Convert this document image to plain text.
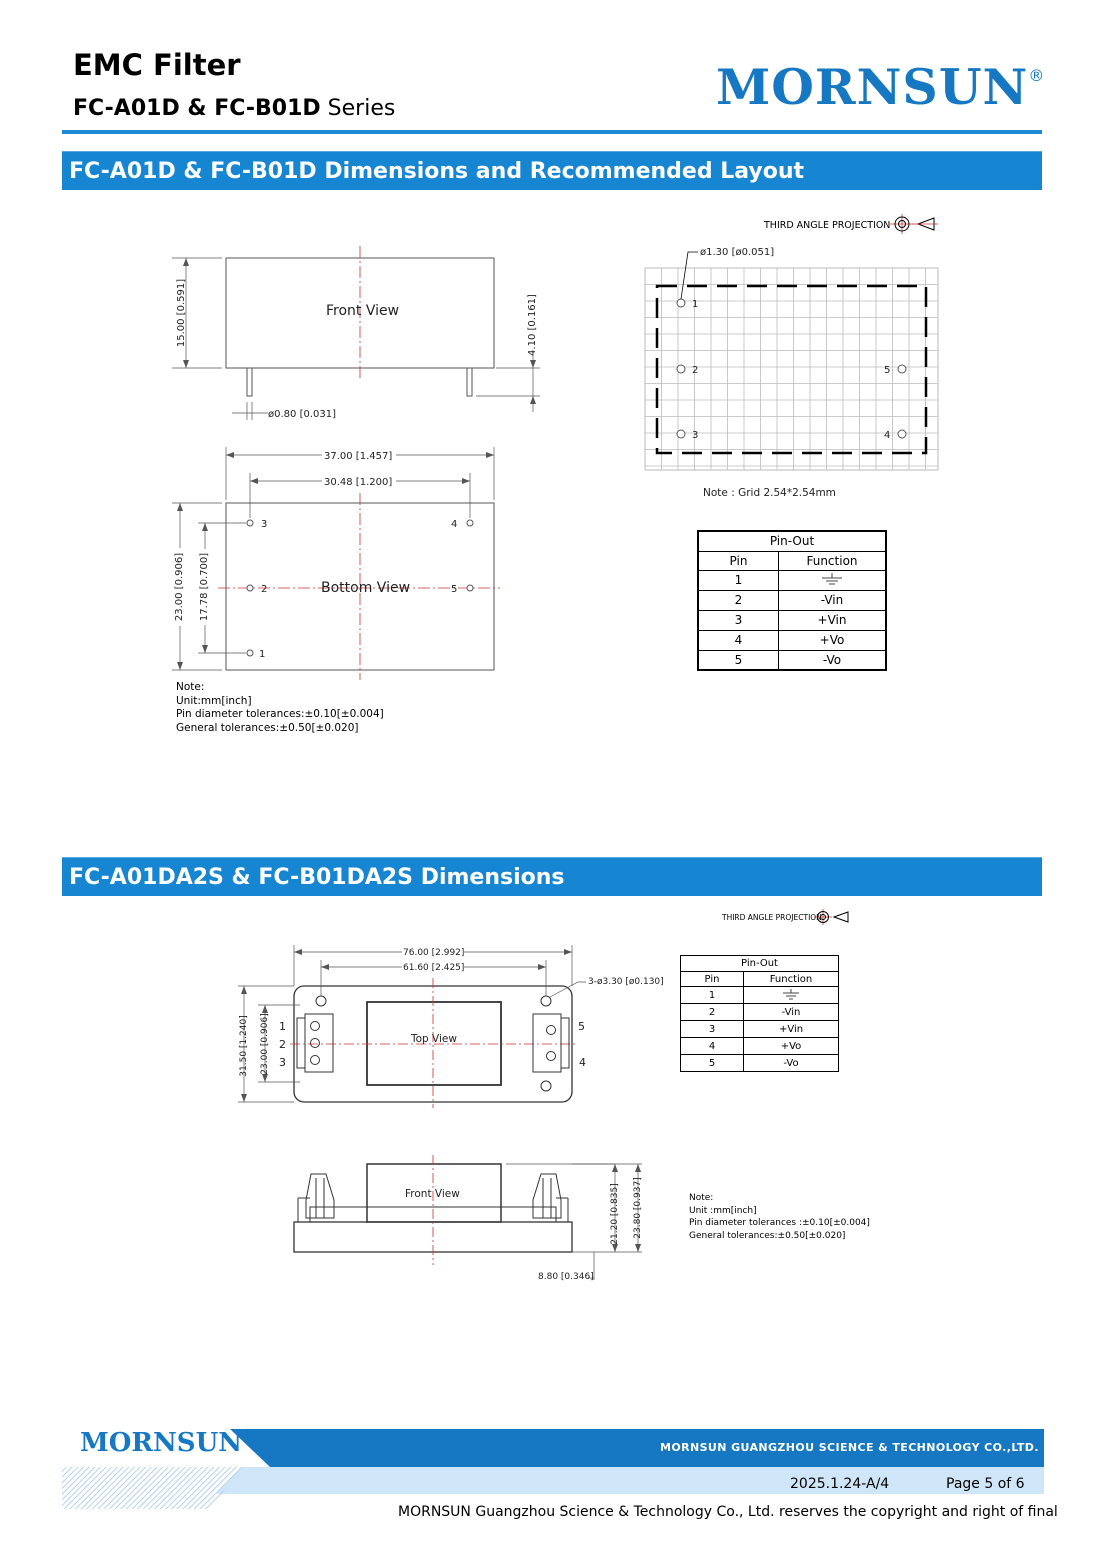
EMC Filter
FC-A01D & FC-B01D Series	MORNSUN®
FC-A01D & FC-B01D Dimensions and Recommended Layout
THIRD ANGLE PROJECTION
Front View
15.00 [0.591]	4.10 [0.161]
ø0.80 [0.031]
3
2
1
4
5
Bottom View
37.00 [1.457]
30.48 [1.200]
23.00 [0.906] 17.78 [0.700]
1
2
3	4
5
ø1.30 [ø0.051]
Note : Grid 2.54*2.54mm
THIRD ANGLE PROJECTION
1
2
3	4
5
Top View
76.00 [2.992]
61.60 [2.425]
3-ø3.30 [ø0.130]
31.50 [1.240] 23.00 [0.906]
Front View	21.20 [0.835] 23.80 [0.937]
8.80 [0.346]
Pin-Out	
Pin	Function
1	
2	-Vin
3	+Vin
4	+Vo
5	-Vo
Note:
Unit:mm[inch]
Pin diameter tolerances:±0.10[±0.004]
General tolerances:±0.50[±0.020]
FC-A01DA2S & FC-B01DA2S Dimensions
Pin-Out	
Pin	Function
1	
2	-Vin
3	+Vin
4	+Vo
5	-Vo
Note:
Unit :mm[inch]
Pin diameter tolerances :±0.10[±0.004]
General tolerances:±0.50[±0.020]
MORNSUN®
MORNSUN GUANGZHOU SCIENCE & TECHNOLOGY CO.,LTD.
2025.1.24-A/4	Page 5 of 6
MORNSUN Guangzhou Science & Technology Co., Ltd. reserves the copyright and right of final
